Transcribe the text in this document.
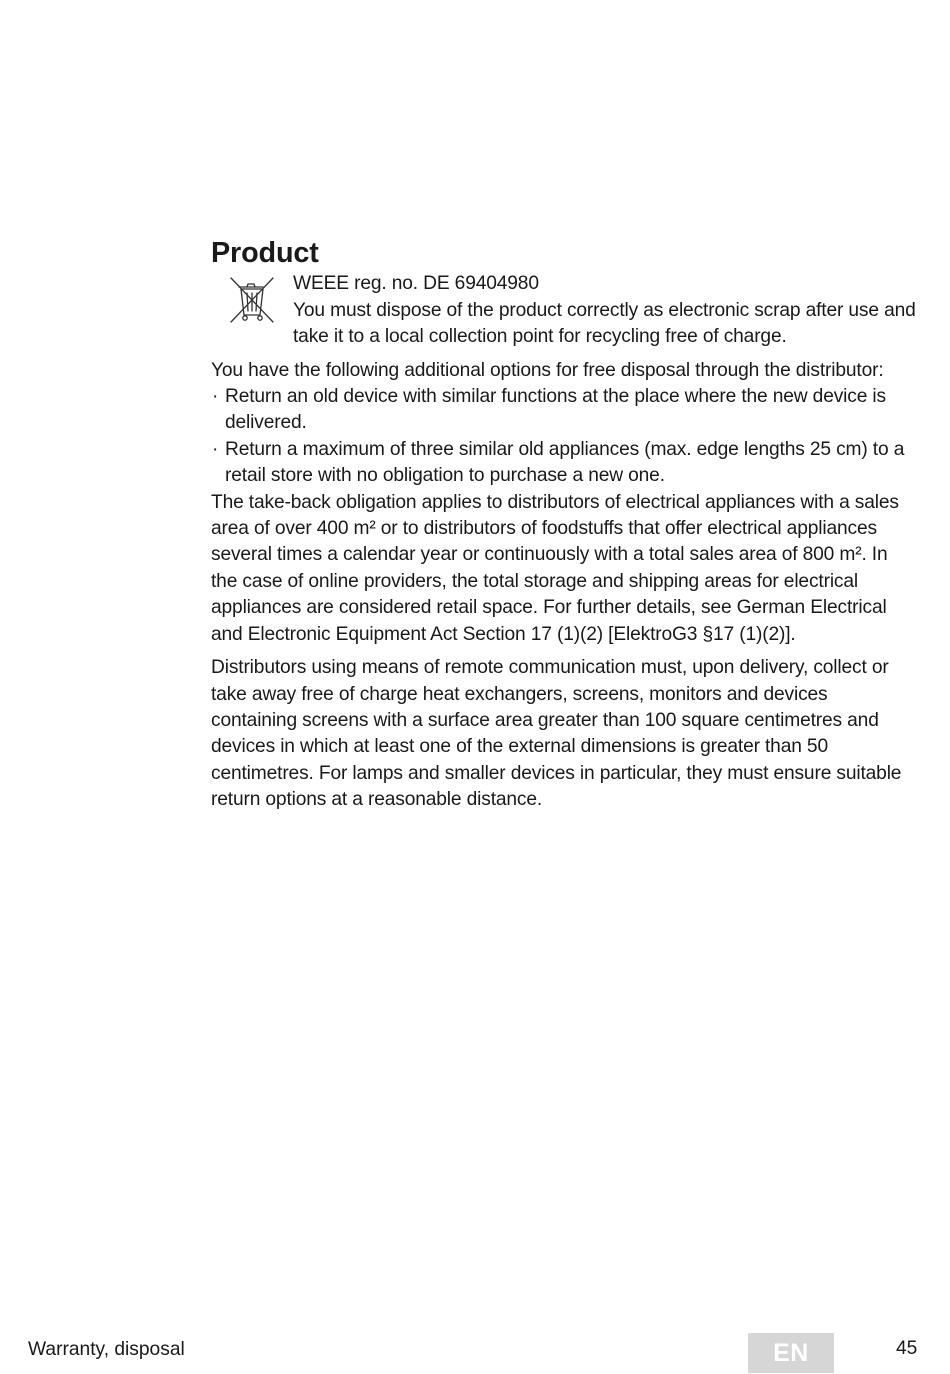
Product

WEEE reg. no. DE 69404980

You must dispose of the product correctly as electronic scrap after use and take it to a local collection point for recycling free of charge.

You have the following additional options for free disposal through the distributor:

· Return an old device with similar functions at the place where the new device is delivered.
· Return a maximum of three similar old appliances (max. edge lengths 25 cm) to a retail store with no obligation to purchase a new one.

The take-back obligation applies to distributors of electrical appliances with a sales area of over 400 m² or to distributors of foodstuffs that offer electrical appliances several times a calendar year or continuously with a total sales area of 800 m². In the case of online providers, the total storage and shipping areas for electrical appliances are considered retail space. For further details, see German Electrical and Electronic Equipment Act Section 17 (1)(2) [ElektroG3 §17 (1)(2)].

Distributors using means of remote communication must, upon delivery, collect or take away free of charge heat exchangers, screens, monitors and devices containing screens with a surface area greater than 100 square centimetres and devices in which at least one of the external dimensions is greater than 50 centimetres. For lamps and smaller devices in particular, they must ensure suitable return options at a reasonable distance.

Warranty, disposal	EN	45
